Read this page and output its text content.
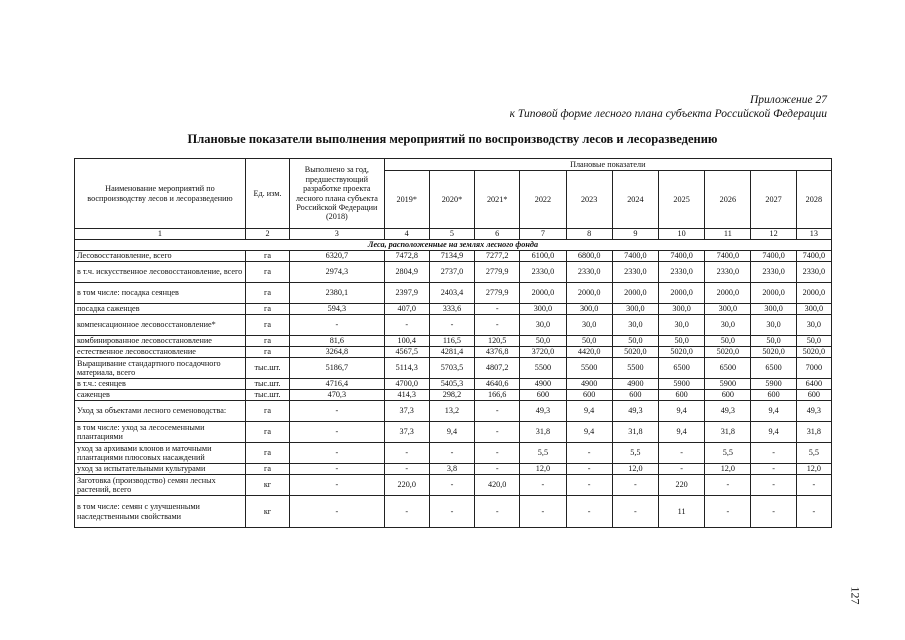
Приложение 27
к Типовой форме лесного плана субъекта Российской Федерации
Плановые показатели выполнения мероприятий по воспроизводству лесов и лесоразведению
Наименование мероприятий по воспроизводству лесов и лесоразведению	Ед. изм.	Выполнено за год, предшествующий разработке проекта лесного плана субъекта Российской Федерации (2018)	Плановые показатели									
			2019*	2020*	2021*	2022	2023	2024	2025	2026	2027	2028
1	2	3	4	5	6	7	8	9	10	11	12	13
Леса, расположенные на землях лесного фонда												
Лесовосстановление, всего	га	6320,7	7472,8	7134,9	7277,2	6100,0	6800,0	7400,0	7400,0	7400,0	7400,0	7400,0
в т.ч. искусственное лесовосстановление, всего	га	2974,3	2804,9	2737,0	2779,9	2330,0	2330,0	2330,0	2330,0	2330,0	2330,0	2330,0
в том числе: посадка сеянцев	га	2380,1	2397,9	2403,4	2779,9	2000,0	2000,0	2000,0	2000,0	2000,0	2000,0	2000,0
посадка саженцев	га	594,3	407,0	333,6	-	300,0	300,0	300,0	300,0	300,0	300,0	300,0
компенсационное лесовосстановление*	га	-	-	-	-	30,0	30,0	30,0	30,0	30,0	30,0	30,0
комбинированное лесовосстановление	га	81,6	100,4	116,5	120,5	50,0	50,0	50,0	50,0	50,0	50,0	50,0
естественное лесовосстановление	га	3264,8	4567,5	4281,4	4376,8	3720,0	4420,0	5020,0	5020,0	5020,0	5020,0	5020,0
Выращивание стандартного посадочного материала, всего	тыс.шт.	5186,7	5114,3	5703,5	4807,2	5500	5500	5500	6500	6500	6500	7000
в т.ч.: сеянцев	тыс.шт.	4716,4	4700,0	5405,3	4640,6	4900	4900	4900	5900	5900	5900	6400
саженцев	тыс.шт.	470,3	414,3	298,2	166,6	600	600	600	600	600	600	600
Уход за объектами лесного семеноводства:	га	-	37,3	13,2	-	49,3	9,4	49,3	9,4	49,3	9,4	49,3
в том числе: уход за лесосеменными плантациями	га	-	37,3	9,4	-	31,8	9,4	31,8	9,4	31,8	9,4	31,8
уход за архивами клонов и маточными плантациями плюсовых насаждений	га	-	-	-	-	5,5	-	5,5	-	5,5	-	5,5
уход за испытательными культурами	га	-	-	3,8	-	12,0	-	12,0	-	12,0	-	12,0
Заготовка (производство) семян лесных растений, всего	кг	-	220,0	-	420,0	-	-	-	220	-	-	-
в том числе: семян с улучшенными наследственными свойствами	кг	-	-	-	-	-	-	-	11	-	-	-
127
